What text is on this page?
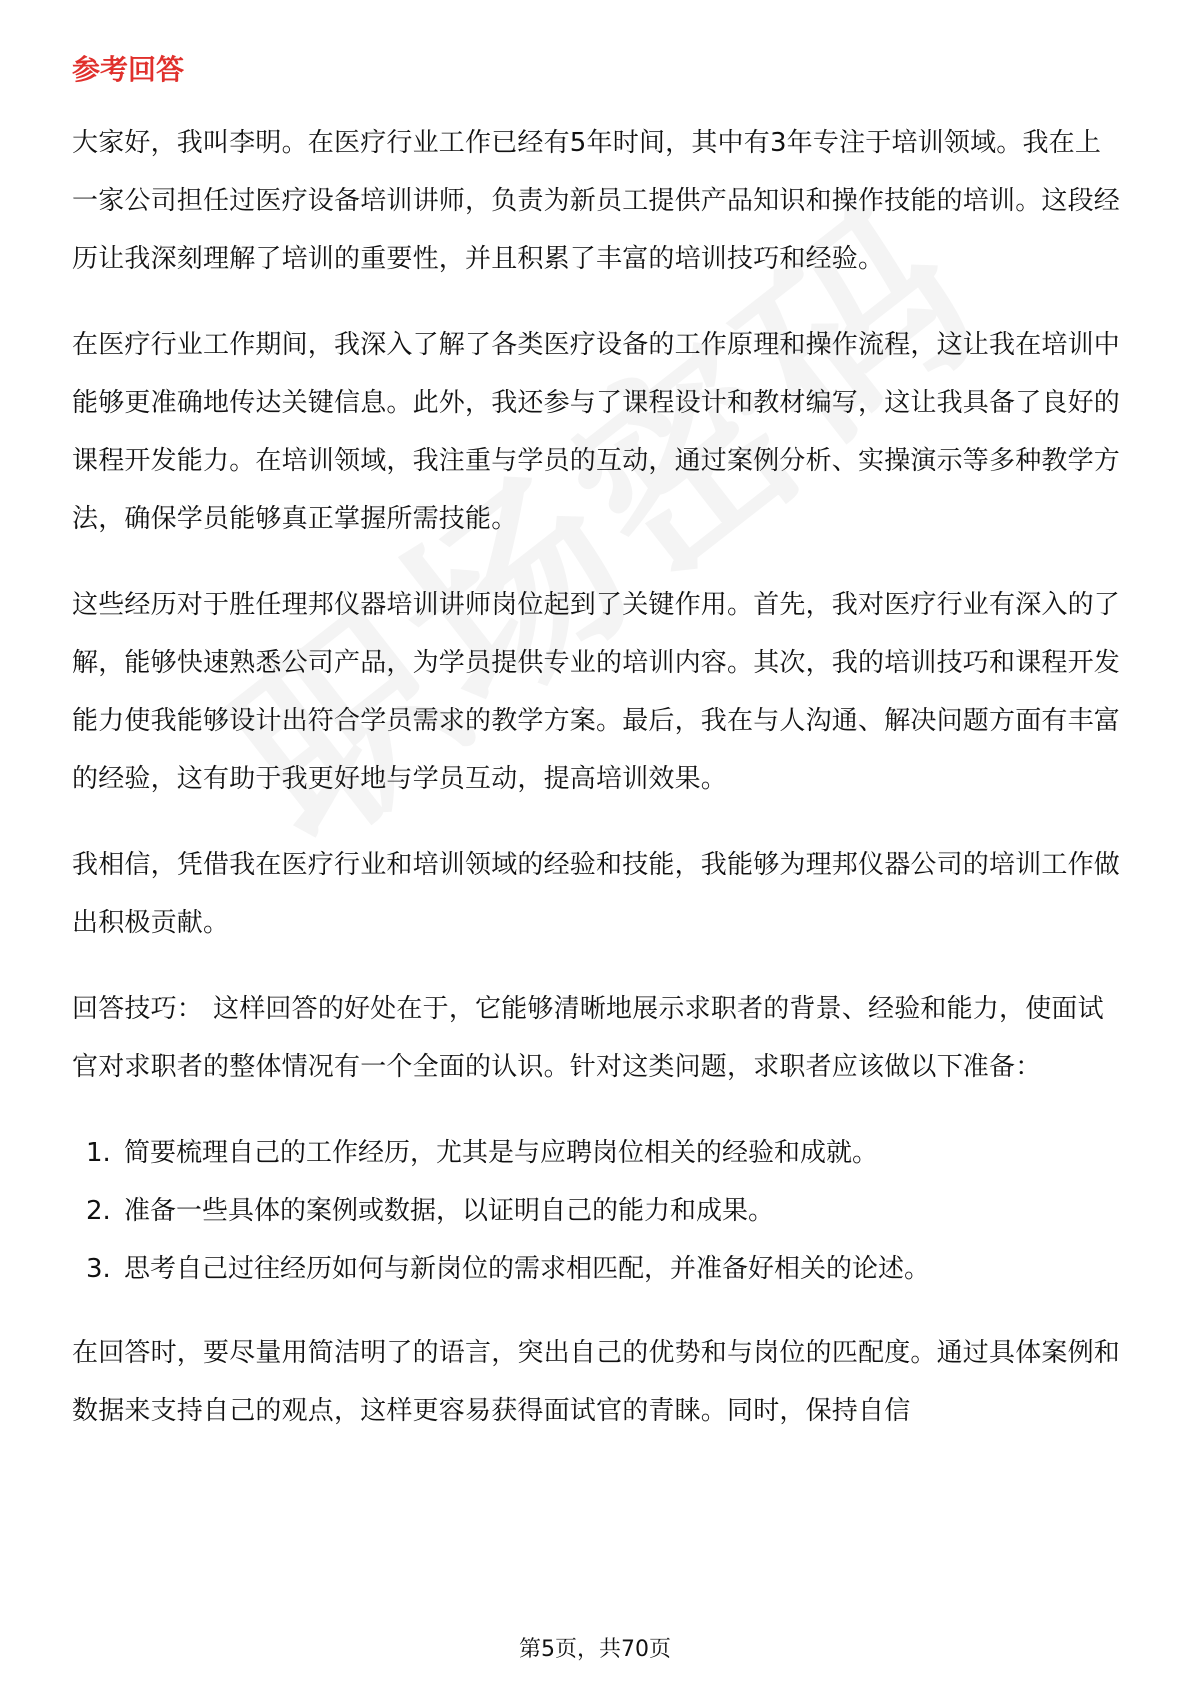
参考回答

大家好，我叫李明。在医疗行业工作已经有5年时间，其中有3年专注于培训领域。我在上一家公司担任过医疗设备培训讲师，负责为新员工提供产品知识和操作技能的培训。这段经历让我深刻理解了培训的重要性，并且积累了丰富的培训技巧和经验。

在医疗行业工作期间，我深入了解了各类医疗设备的工作原理和操作流程，这让我在培训中能够更准确地传达关键信息。此外，我还参与了课程设计和教材编写，这让我具备了良好的课程开发能力。在培训领域，我注重与学员的互动，通过案例分析、实操演示等多种教学方法，确保学员能够真正掌握所需技能。

这些经历对于胜任理邦仪器培训讲师岗位起到了关键作用。首先，我对医疗行业有深入的了解，能够快速熟悉公司产品，为学员提供专业的培训内容。其次，我的培训技巧和课程开发能力使我能够设计出符合学员需求的教学方案。最后，我在与人沟通、解决问题方面有丰富的经验，这有助于我更好地与学员互动，提高培训效果。

我相信，凭借我在医疗行业和培训领域的经验和技能，我能够为理邦仪器公司的培训工作做出积极贡献。

回答技巧： 这样回答的好处在于，它能够清晰地展示求职者的背景、经验和能力，使面试官对求职者的整体情况有一个全面的认识。针对这类问题，求职者应该做以下准备：

1. 简要梳理自己的工作经历，尤其是与应聘岗位相关的经验和成就。
2. 准备一些具体的案例或数据，以证明自己的能力和成果。
3. 思考自己过往经历如何与新岗位的需求相匹配，并准备好相关的论述。

在回答时，要尽量用简洁明了的语言，突出自己的优势和与岗位的匹配度。通过具体案例和数据来支持自己的观点，这样更容易获得面试官的青睐。同时，保持自信

第5页，共70页
